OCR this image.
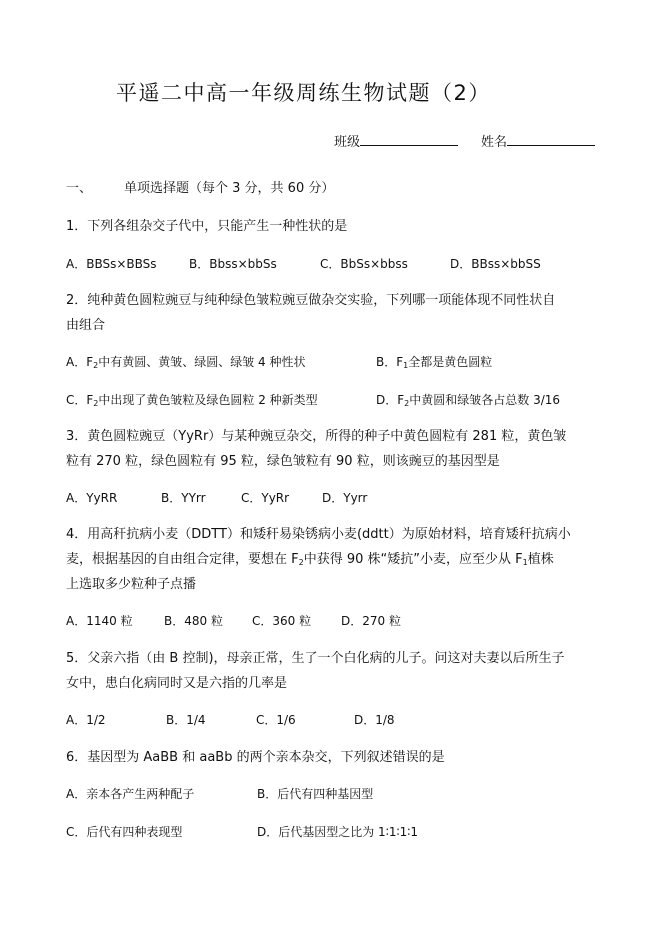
平遥二中高一年级周练生物试题（2）
班级	姓名
一、 单项选择题（每个 3 分，共 60 分）
1．下列各组杂交子代中，只能产生一种性状的是
A．BBSs×BBSs	B．Bbss×bbSs	C．BbSs×bbss	D．BBss×bbSS
2．纯种黄色圆粒豌豆与纯种绿色皱粒豌豆做杂交实验，下列哪一项能体现不同性状自
由组合
A．$F_2$中有黄圆、黄皱、绿圆、绿皱 4 种性状	B．$F_1$全都是黄色圆粒
C．$F_2$中出现了黄色皱粒及绿色圆粒 2 种新类型	D．$F_2$中黄圆和绿皱各占总数 3/16
3．黄色圆粒豌豆（YyRr）与某种豌豆杂交，所得的种子中黄色圆粒有 281 粒，黄色皱
粒有 270 粒，绿色圆粒有 95 粒，绿色皱粒有 90 粒，则该豌豆的基因型是
A．YyRR	B．YYrr	C．YyRr	D．Yyrr
4．用高秆抗病小麦（DDTT）和矮秆易染锈病小麦(ddtt）为原始材料，培育矮秆抗病小
麦，根据基因的自由组合定律，要想在 $F_2$中获得 90 株“矮抗”小麦，应至少从 $F_1$植株
上选取多少粒种子点播
A．1140 粒	B．480 粒 C．360 粒 D．270 粒
5．父亲六指（由 B 控制)，母亲正常，生了一个白化病的儿子。问这对夫妻以后所生子
女中，患白化病同时又是六指的几率是
A．1/2	B．1/4	C．1/6	D．1/8
6．基因型为 AaBB 和 aaBb 的两个亲本杂交，下列叙述错误的是
A．亲本各产生两种配子	B．后代有四种基因型
C．后代有四种表现型	D．后代基因型之比为 1∶1∶1∶1
